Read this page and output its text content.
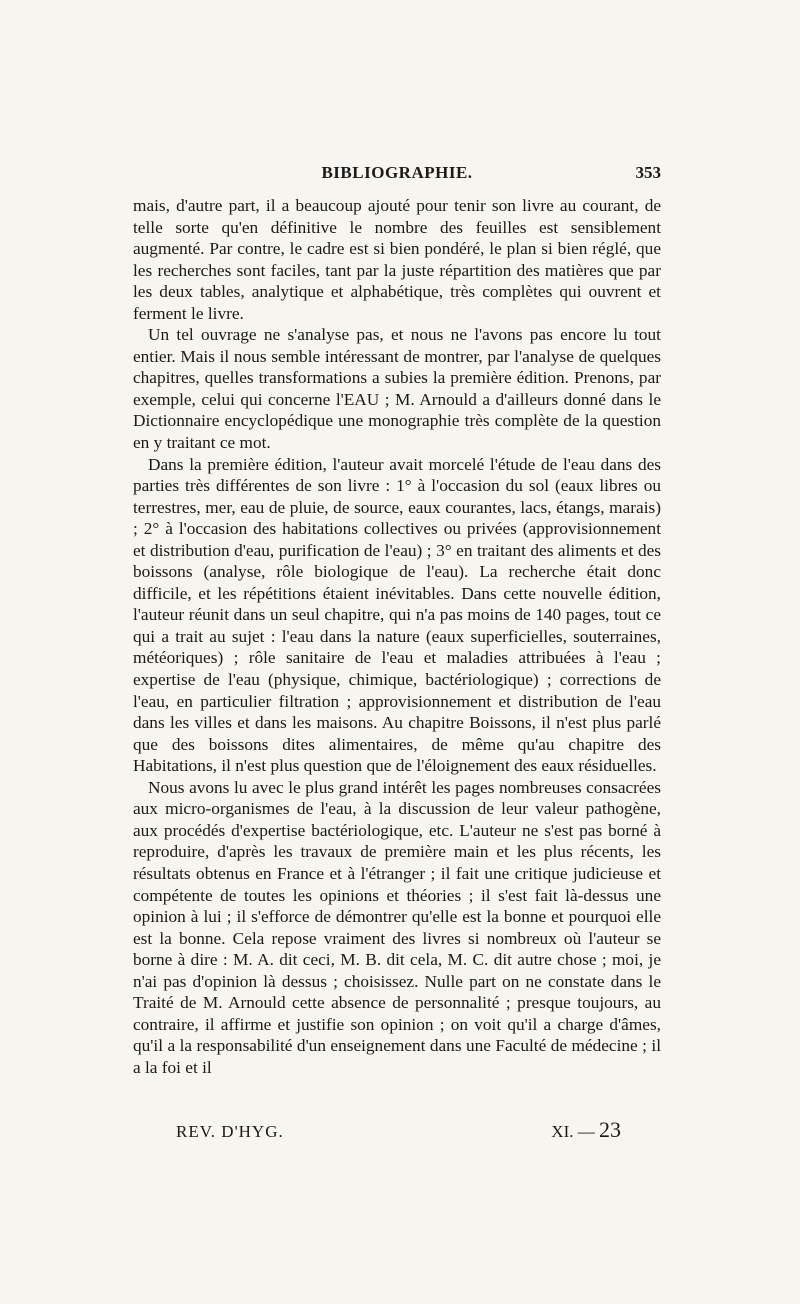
BIBLIOGRAPHIE.	353

mais, d'autre part, il a beaucoup ajouté pour tenir son livre au courant, de telle sorte qu'en définitive le nombre des feuilles est sensiblement augmenté. Par contre, le cadre est si bien pondéré, le plan si bien réglé, que les recherches sont faciles, tant par la juste répartition des matières que par les deux tables, analytique et alphabétique, très complètes qui ouvrent et ferment le livre.

Un tel ouvrage ne s'analyse pas, et nous ne l'avons pas encore lu tout entier. Mais il nous semble intéressant de montrer, par l'analyse de quelques chapitres, quelles transformations a subies la première édition. Prenons, par exemple, celui qui concerne l'EAU ; M. Arnould a d'ailleurs donné dans le Dictionnaire encyclopédique une monographie très complète de la question en y traitant ce mot.

Dans la première édition, l'auteur avait morcelé l'étude de l'eau dans des parties très différentes de son livre : 1° à l'occasion du sol (eaux libres ou terrestres, mer, eau de pluie, de source, eaux courantes, lacs, étangs, marais) ; 2° à l'occasion des habitations collectives ou privées (approvisionnement et distribution d'eau, purification de l'eau) ; 3° en traitant des aliments et des boissons (analyse, rôle biologique de l'eau). La recherche était donc difficile, et les répétitions étaient inévitables. Dans cette nouvelle édition, l'auteur réunit dans un seul chapitre, qui n'a pas moins de 140 pages, tout ce qui a trait au sujet : l'eau dans la nature (eaux superficielles, souterraines, météoriques) ; rôle sanitaire de l'eau et maladies attribuées à l'eau ; expertise de l'eau (physique, chimique, bactériologique) ; corrections de l'eau, en particulier filtration ; approvisionnement et distribution de l'eau dans les villes et dans les maisons. Au chapitre Boissons, il n'est plus parlé que des boissons dites alimentaires, de même qu'au chapitre des Habitations, il n'est plus question que de l'éloignement des eaux résiduelles.

Nous avons lu avec le plus grand intérêt les pages nombreuses consacrées aux micro-organismes de l'eau, à la discussion de leur valeur pathogène, aux procédés d'expertise bactériologique, etc. L'auteur ne s'est pas borné à reproduire, d'après les travaux de première main et les plus récents, les résultats obtenus en France et à l'étranger ; il fait une critique judicieuse et compétente de toutes les opinions et théories ; il s'est fait là-dessus une opinion à lui ; il s'efforce de démontrer qu'elle est la bonne et pourquoi elle est la bonne. Cela repose vraiment des livres si nombreux où l'auteur se borne à dire : M. A. dit ceci, M. B. dit cela, M. C. dit autre chose ; moi, je n'ai pas d'opinion là dessus ; choisissez. Nulle part on ne constate dans le Traité de M. Arnould cette absence de personnalité ; presque toujours, au contraire, il affirme et justifie son opinion ; on voit qu'il a charge d'âmes, qu'il a la responsabilité d'un enseignement dans une Faculté de médecine ; il a la foi et il

REV. D'HYG.	XI. — 23
